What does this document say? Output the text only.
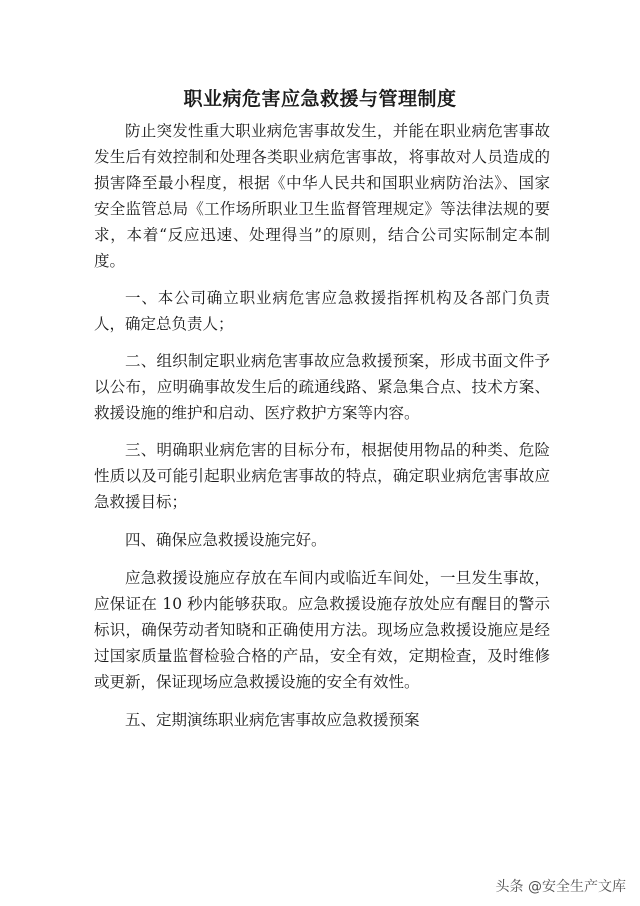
职业病危害应急救援与管理制度

防止突发性重大职业病危害事故发生，并能在职业病危害事故发生后有效控制和处理各类职业病危害事故，将事故对人员造成的损害降至最小程度，根据《中华人民共和国职业病防治法》、国家安全监管总局《工作场所职业卫生监督管理规定》等法律法规的要求，本着“反应迅速、处理得当”的原则，结合公司实际制定本制度。

一、本公司确立职业病危害应急救援指挥机构及各部门负责人，确定总负责人；

二、组织制定职业病危害事故应急救援预案，形成书面文件予以公布，应明确事故发生后的疏通线路、紧急集合点、技术方案、救援设施的维护和启动、医疗救护方案等内容。

三、明确职业病危害的目标分布，根据使用物品的种类、危险性质以及可能引起职业病危害事故的特点，确定职业病危害事故应急救援目标；

四、确保应急救援设施完好。

应急救援设施应存放在车间内或临近车间处，一旦发生事故，应保证在 10 秒内能够获取。应急救援设施存放处应有醒目的警示标识，确保劳动者知晓和正确使用方法。现场应急救援设施应是经过国家质量监督检验合格的产品，安全有效，定期检查，及时维修或更新，保证现场应急救援设施的安全有效性。

五、定期演练职业病危害事故应急救援预案

头条 @安全生产文库
